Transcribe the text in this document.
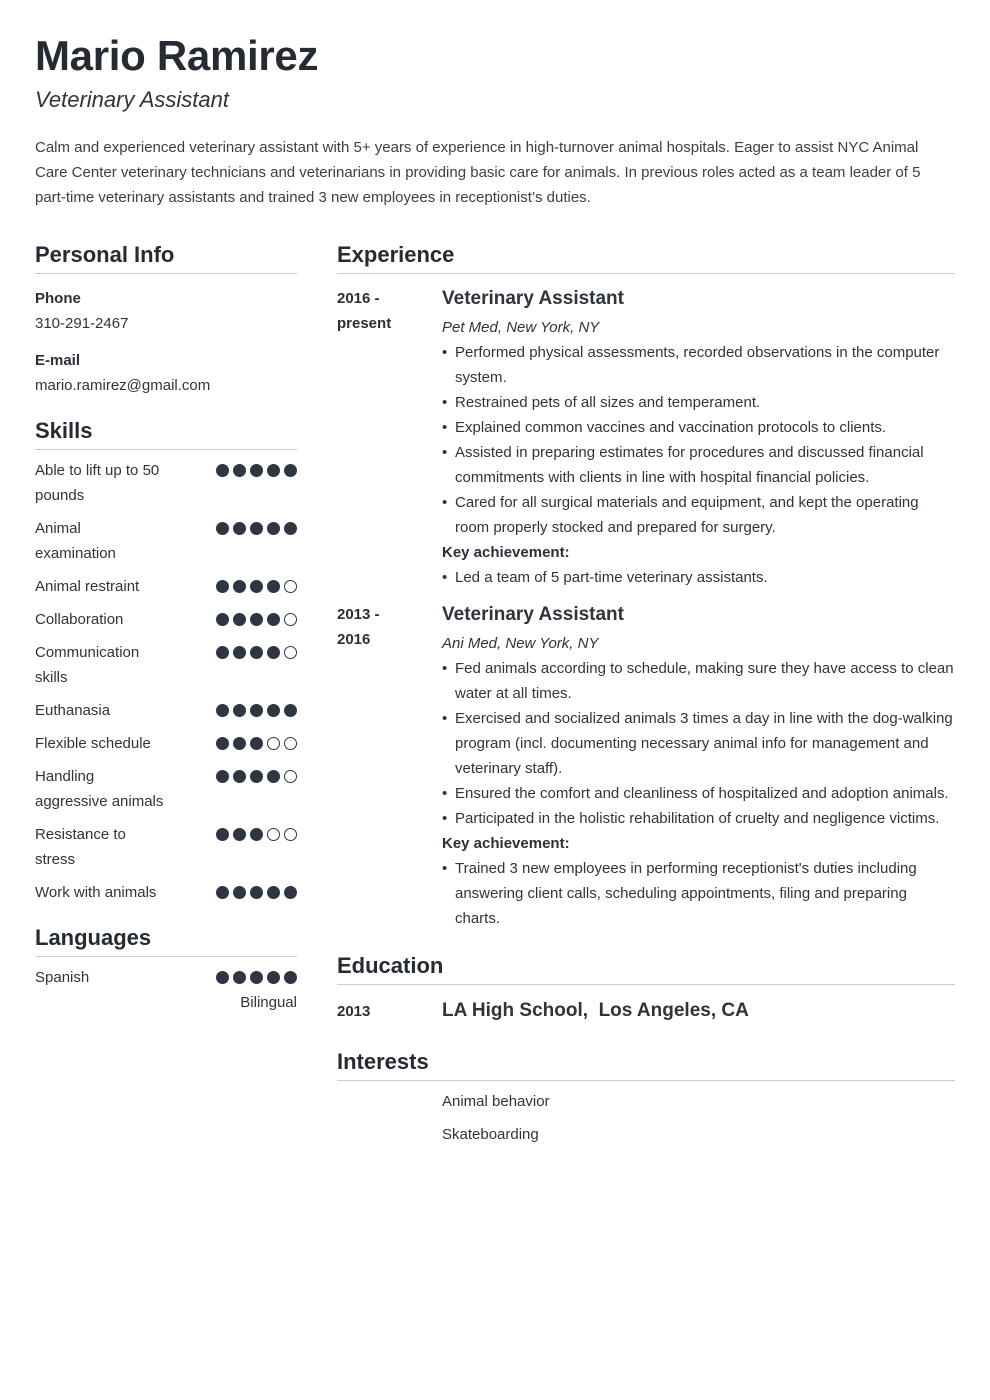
Mario Ramirez
Veterinary Assistant
Calm and experienced veterinary assistant with 5+ years of experience in high-turnover animal hospitals. Eager to assist NYC Animal Care Center veterinary technicians and veterinarians in providing basic care for animals. In previous roles acted as a team leader of 5 part-time veterinary assistants and trained 3 new employees in receptionist’s duties.
Personal Info
Phone
310-291-2467
E-mail
mario.ramirez@gmail.com
Skills
Able to lift up to 50 pounds
Animal examination
Animal restraint
Collaboration
Communication skills
Euthanasia
Flexible schedule
Handling aggressive animals
Resistance to stress
Work with animals
Languages
Spanish
Bilingual
Experience
2016 -
present
Veterinary Assistant
Pet Med, New York, NY
• Performed physical assessments, recorded observations in the computer system.
• Restrained pets of all sizes and temperament.
• Explained common vaccines and vaccination protocols to clients.
• Assisted in preparing estimates for procedures and discussed financial commitments with clients in line with hospital financial policies.
• Cared for all surgical materials and equipment, and kept the operating room properly stocked and prepared for surgery.
Key achievement:
• Led a team of 5 part-time veterinary assistants.
2013 -
2016
Veterinary Assistant
Ani Med, New York, NY
• Fed animals according to schedule, making sure they have access to clean water at all times.
• Exercised and socialized animals 3 times a day in line with the dog-walking program (incl. documenting necessary animal info for management and veterinary staff).
• Ensured the comfort and cleanliness of hospitalized and adoption animals.
• Participated in the holistic rehabilitation of cruelty and negligence victims.
Key achievement:
• Trained 3 new employees in performing receptionist's duties including answering client calls, scheduling appointments, filing and preparing charts.
Education
2013	LA High School,  Los Angeles, CA
Interests
Animal behavior
Skateboarding
